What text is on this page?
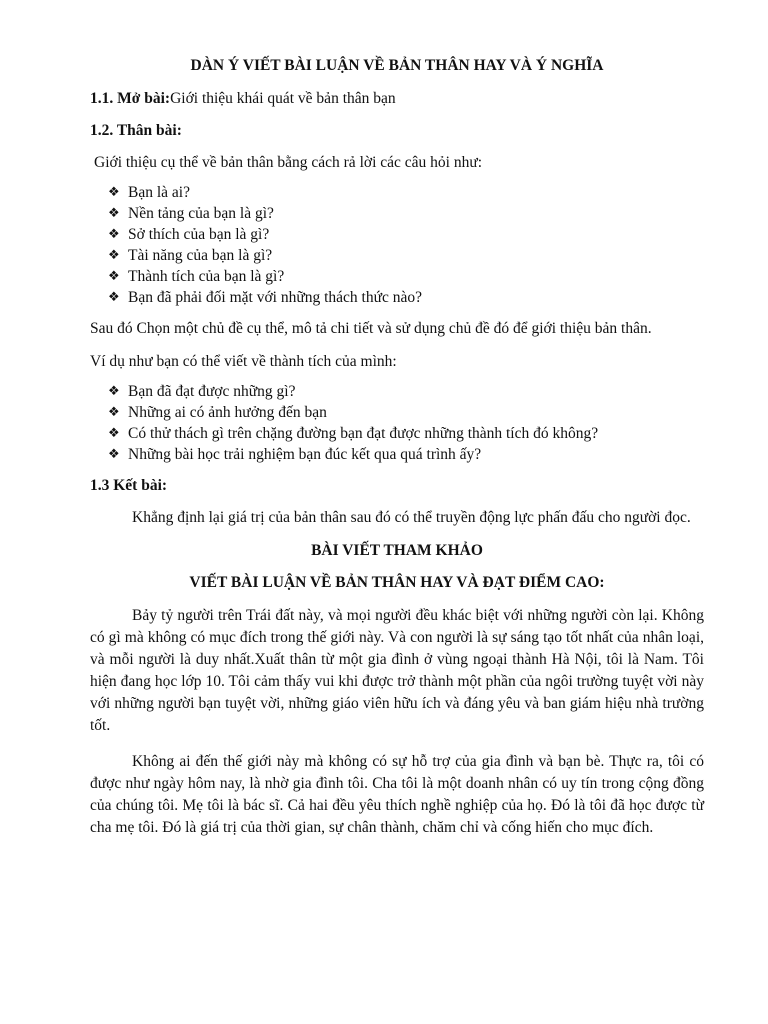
DÀN Ý VIẾT BÀI LUẬN VỀ BẢN THÂN HAY VÀ Ý NGHĨA
1.1. Mở bài:Giới thiệu khái quát về bản thân bạn
1.2. Thân bài:
Giới thiệu cụ thể về bản thân bằng cách rả lời các câu hỏi như:
❖ Bạn là ai?
❖ Nền tảng của bạn là gì?
❖ Sở thích của bạn là gì?
❖ Tài năng của bạn là gì?
❖ Thành tích của bạn là gì?
❖ Bạn đã phải đối mặt với những thách thức nào?
Sau đó Chọn một chủ đề cụ thể, mô tả chi tiết và sử dụng chủ đề đó để giới thiệu bản thân.
Ví dụ như bạn có thể viết về thành tích của mình:
❖ Bạn đã đạt được những gì?
❖ Những ai có ảnh hưởng đến bạn
❖ Có thử thách gì trên chặng đường bạn đạt được những thành tích đó không?
❖ Những bài học trải nghiệm bạn đúc kết qua quá trình ấy?
1.3 Kết bài:
Khẳng định lại giá trị của bản thân sau đó có thể truyền động lực phấn đấu cho người đọc.
BÀI VIẾT THAM KHẢO
VIẾT BÀI LUẬN VỀ BẢN THÂN HAY VÀ ĐẠT ĐIỂM CAO:
Bảy tỷ người trên Trái đất này, và mọi người đều khác biệt với những người còn lại. Không có gì mà không có mục đích trong thế giới này. Và con người là sự sáng tạo tốt nhất của nhân loại, và mỗi người là duy nhất.Xuất thân từ một gia đình ở vùng ngoại thành Hà Nội, tôi là Nam. Tôi hiện đang học lớp 10. Tôi cảm thấy vui khi được trở thành một phần của ngôi trường tuyệt vời này với những người bạn tuyệt vời, những giáo viên hữu ích và đáng yêu và ban giám hiệu nhà trường tốt.
Không ai đến thế giới này mà không có sự hỗ trợ của gia đình và bạn bè. Thực ra, tôi có được như ngày hôm nay, là nhờ gia đình tôi. Cha tôi là một doanh nhân có uy tín trong cộng đồng của chúng tôi. Mẹ tôi là bác sĩ. Cả hai đều yêu thích nghề nghiệp của họ. Đó là tôi đã học được từ cha mẹ tôi. Đó là giá trị của thời gian, sự chân thành, chăm chỉ và cống hiến cho mục đích.
